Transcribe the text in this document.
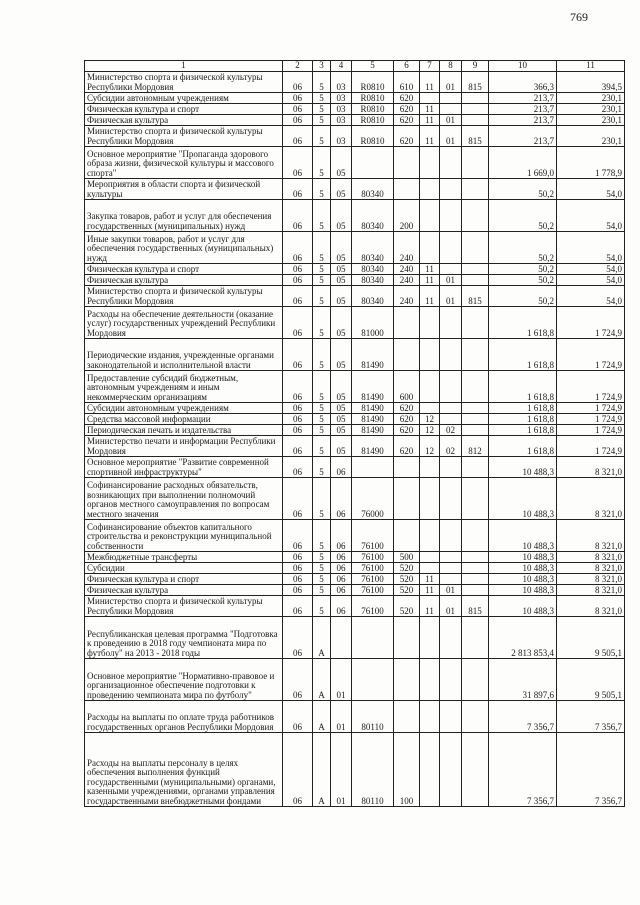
769
1	2	3	4	5	6	7	8	9	10	11
Министерство спорта и физической культуры Республики Мордовия	06	5	03	R0810	610	11	01	815	366,3	394,5
Субсидии автономным учреждениям	06	5	03	R0810	620				213,7	230,1
Физическая культура и спорт	06	5	03	R0810	620	11			213,7	230,1
Физическая культура	06	5	03	R0810	620	11	01		213,7	230,1
Министерство спорта и физической культуры Республики Мордовия	06	5	03	R0810	620	11	01	815	213,7	230,1
Основное мероприятие "Пропаганда здорового образа жизни, физической культуры и массового спорта"	06	5	05						1 669,0	1 778,9
Мероприятия в области спорта и физической культуры	06	5	05	80340					50,2	54,0
Закупка товаров, работ и услуг для обеспечения государственных (муниципальных) нужд	06	5	05	80340	200				50,2	54,0
Иные закупки товаров, работ и услуг для обеспечения государственных (муниципальных) нужд	06	5	05	80340	240				50,2	54,0
Физическая культура и спорт	06	5	05	80340	240	11			50,2	54,0
Физическая культура	06	5	05	80340	240	11	01		50,2	54,0
Министерство спорта и физической культуры Республики Мордовия	06	5	05	80340	240	11	01	815	50,2	54,0
Расходы на обеспечение деятельности (оказание услуг) государственных учреждений Республики Мордовия	06	5	05	81000					1 618,8	1 724,9
Периодические издания, учрежденные органами законодательной и исполнительной власти	06	5	05	81490					1 618,8	1 724,9
Предоставление субсидий бюджетным, автономным учреждениям и иным некоммерческим организациям	06	5	05	81490	600				1 618,8	1 724,9
Субсидии автономным учреждениям	06	5	05	81490	620				1 618,8	1 724,9
Средства массовой информации	06	5	05	81490	620	12			1 618,8	1 724,9
Периодическая печать и издательства	06	5	05	81490	620	12	02		1 618,8	1 724,9
Министерство печати и информации Республики Мордовия	06	5	05	81490	620	12	02	812	1 618,8	1 724,9
Основное мероприятие "Развитие современной спортивной инфраструктуры"	06	5	06						10 488,3	8 321,0
Софинансирование расходных обязательств, возникающих при выполнении полномочий органов местного самоуправления по вопросам местного значения	06	5	06	76000					10 488,3	8 321,0
Софинансирование объектов капитального строительства и реконструкции муниципальной собственности	06	5	06	76100					10 488,3	8 321,0
Межбюджетные трансферты	06	5	06	76100	500				10 488,3	8 321,0
Субсидии	06	5	06	76100	520				10 488,3	8 321,0
Физическая культура и спорт	06	5	06	76100	520	11			10 488,3	8 321,0
Физическая культура	06	5	06	76100	520	11	01		10 488,3	8 321,0
Министерство спорта и физической культуры Республики Мордовия	06	5	06	76100	520	11	01	815	10 488,3	8 321,0
Республиканская целевая программа "Подготовка к проведению в 2018 году чемпионата мира по футболу" на 2013 - 2018 годы	06	А							2 813 853,4	9 505,1
Основное мероприятие "Нормативно-правовое и организационное обеспечение подготовки к проведению чемпионата мира по футболу"	06	А	01						31 897,6	9 505,1
Расходы на выплаты по оплате труда работников государственных органов Республики Мордовия	06	А	01	80110					7 356,7	7 356,7
Расходы на выплаты персоналу в целях обеспечения выполнения функций государственными (муниципальными) органами, казенными учреждениями, органами управления государственными внебюджетными фондами	06	А	01	80110	100				7 356,7	7 356,7
